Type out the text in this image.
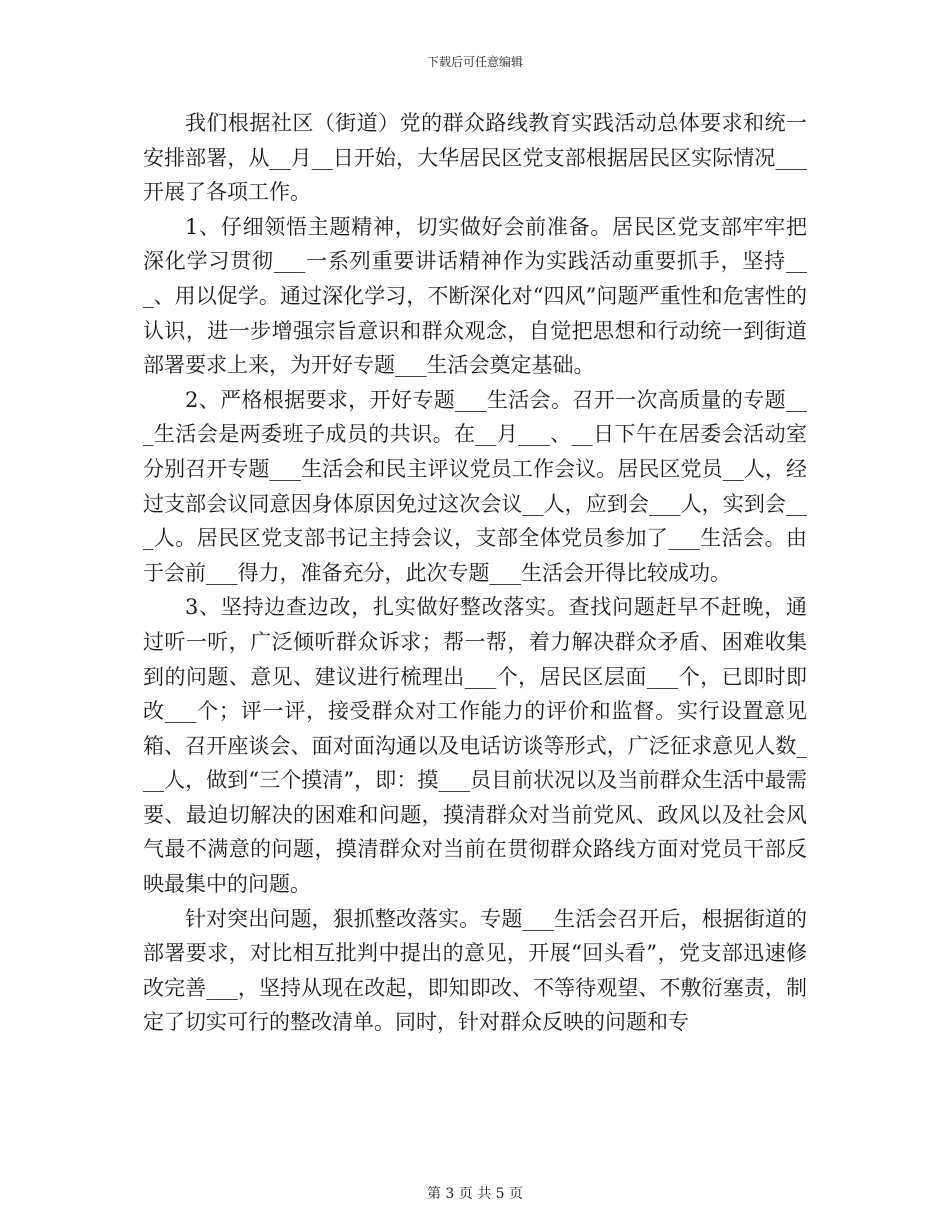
下载后可任意编辑

我们根据社区（街道）党的群众路线教育实践活动总体要求和统一安排部署，从__月__日开始，大华居民区党支部根据居民区实际情况___开展了各项工作。

1、仔细领悟主题精神，切实做好会前准备。居民区党支部牢牢把深化学习贯彻___一系列重要讲话精神作为实践活动重要抓手，坚持___、用以促学。通过深化学习，不断深化对“四风”问题严重性和危害性的认识，进一步增强宗旨意识和群众观念，自觉把思想和行动统一到街道部署要求上来，为开好专题___生活会奠定基础。

2、严格根据要求，开好专题___生活会。召开一次高质量的专题___生活会是两委班子成员的共识。在__月___、__日下午在居委会活动室分别召开专题___生活会和民主评议党员工作会议。居民区党员__人，经过支部会议同意因身体原因免过这次会议__人，应到会___人，实到会___人。居民区党支部书记主持会议，支部全体党员参加了___生活会。由于会前___得力，准备充分，此次专题___生活会开得比较成功。

3、坚持边查边改，扎实做好整改落实。查找问题赶早不赶晚，通过听一听，广泛倾听群众诉求；帮一帮，着力解决群众矛盾、困难收集到的问题、意见、建议进行梳理出___个，居民区层面___个，已即时即改___个；评一评，接受群众对工作能力的评价和监督。实行设置意见箱、召开座谈会、面对面沟通以及电话访谈等形式，广泛征求意见人数___人，做到“三个摸清”，即：摸___员目前状况以及当前群众生活中最需要、最迫切解决的困难和问题，摸清群众对当前党风、政风以及社会风气最不满意的问题，摸清群众对当前在贯彻群众路线方面对党员干部反映最集中的问题。

针对突出问题，狠抓整改落实。专题___生活会召开后，根据街道的部署要求，对比相互批判中提出的意见，开展“回头看”，党支部迅速修改完善___，坚持从现在改起，即知即改、不等待观望、不敷衍塞责，制定了切实可行的整改清单。同时，针对群众反映的问题和专

第 3 页 共 5 页
